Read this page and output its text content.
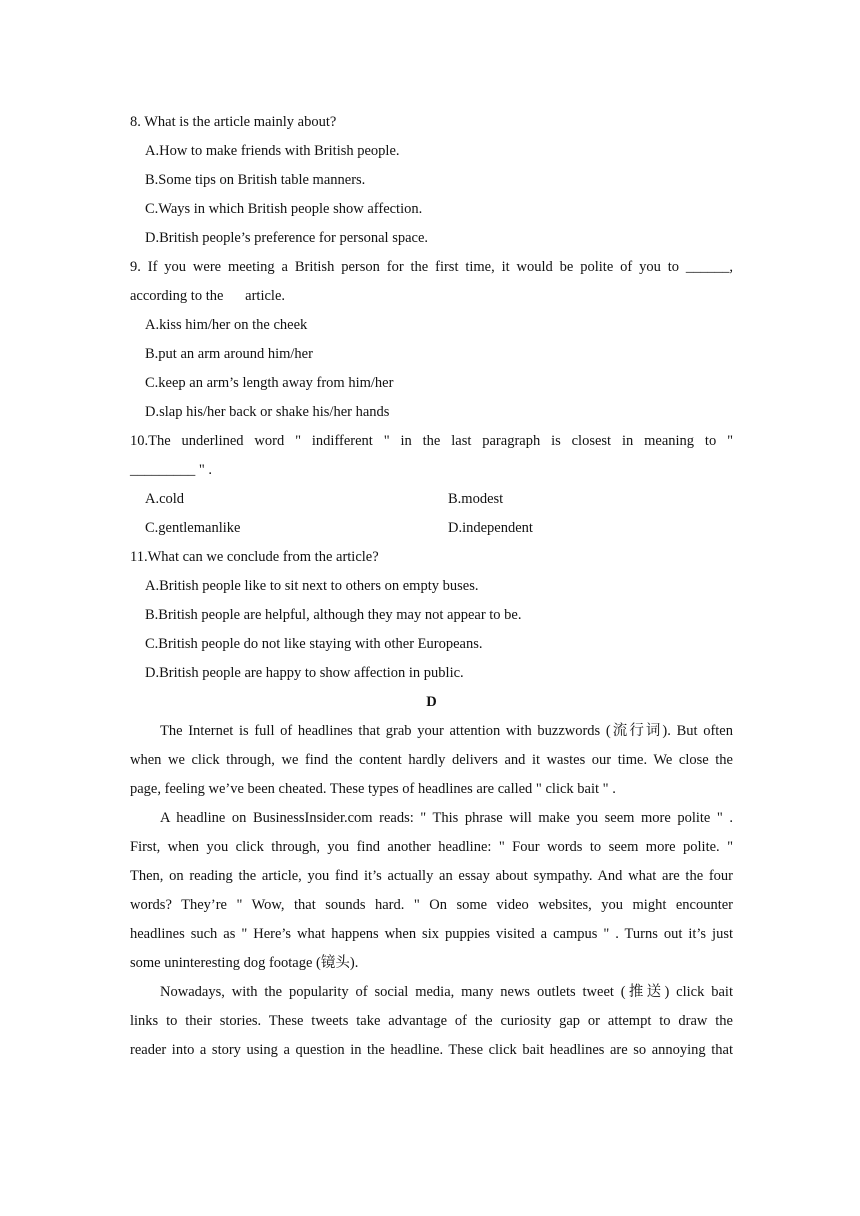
8. What is the article mainly about?
A.How to make friends with British people.
B.Some tips on British table manners.
C.Ways in which British people show affection.
D.British people’s preference for personal space.
9. If you were meeting a British person for the first time, it would be polite of you to ______,
according to the      article.
A.kiss him/her on the cheek
B.put an arm around him/her
C.keep an arm’s length away from him/her
D.slap his/her back or shake his/her hands
10.The underlined word " indifferent " in the last paragraph is closest in meaning to "
_________ " .
A.cold	B.modest
C.gentlemanlike	D.independent
11.What can we conclude from the article?
A.British people like to sit next to others on empty buses.
B.British people are helpful, although they may not appear to be.
C.British people do not like staying with other Europeans.
D.British people are happy to show affection in public.
D
The Internet is full of headlines that grab your attention with buzzwords (流行词). But often
when we click through, we find the content hardly delivers and it wastes our time. We close the
page, feeling we’ve been cheated. These types of headlines are called " click bait " .
A headline on BusinessInsider.com reads: " This phrase will make you seem more polite " .
First, when you click through, you find another headline: " Four words to seem more polite. "
Then, on reading the article, you find it’s actually an essay about sympathy. And what are the four
words? They’re " Wow, that sounds hard. " On some video websites, you might encounter
headlines such as " Here’s what happens when six puppies visited a campus " . Turns out it’s just
some uninteresting dog footage (镜头).
Nowadays, with the popularity of social media, many news outlets tweet (推送) click bait
links to their stories. These tweets take advantage of the curiosity gap or attempt to draw the
reader into a story using a question in the headline. These click bait headlines are so annoying that
